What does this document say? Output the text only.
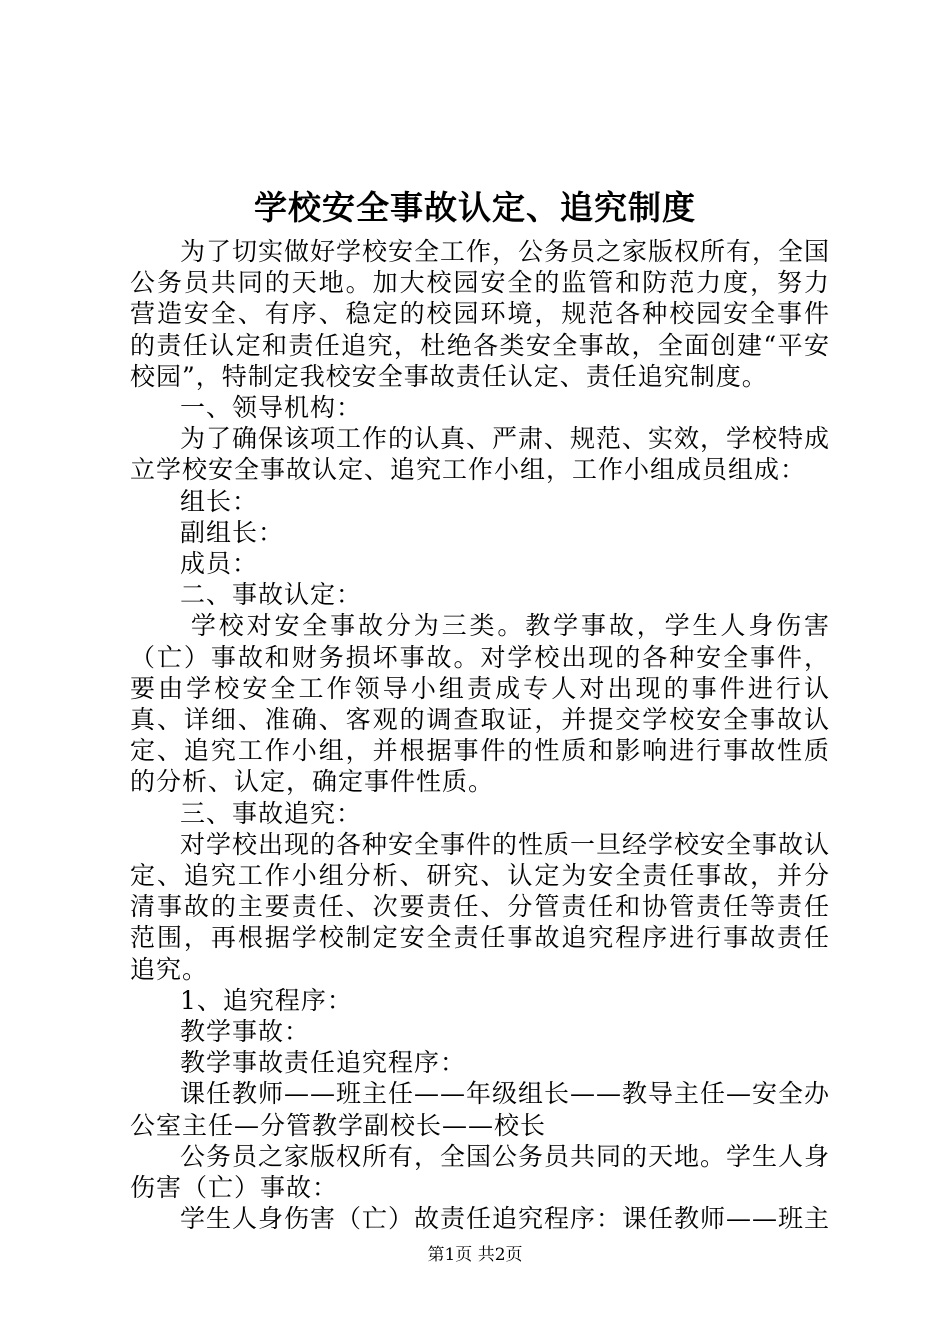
学校安全事故认定、追究制度

为了切实做好学校安全工作，公务员之家版权所有，全国公务员共同的天地。加大校园安全的监管和防范力度，努力营造安全、有序、稳定的校园环境，规范各种校园安全事件的责任认定和责任追究，杜绝各类安全事故，全面创建“平安校园”，特制定我校安全事故责任认定、责任追究制度。

一、领导机构：

为了确保该项工作的认真、严肃、规范、实效，学校特成立学校安全事故认定、追究工作小组，工作小组成员组成：

组长：

副组长：

成员：

二、事故认定：

学校对安全事故分为三类。教学事故，学生人身伤害（亡）事故和财务损坏事故。对学校出现的各种安全事件，要由学校安全工作领导小组责成专人对出现的事件进行认真、详细、准确、客观的调查取证，并提交学校安全事故认定、追究工作小组，并根据事件的性质和影响进行事故性质的分析、认定，确定事件性质。

三、事故追究：

对学校出现的各种安全事件的性质一旦经学校安全事故认定、追究工作小组分析、研究、认定为安全责任事故，并分清事故的主要责任、次要责任、分管责任和协管责任等责任范围，再根据学校制定安全责任事故追究程序进行事故责任追究。

1、追究程序：

教学事故：

教学事故责任追究程序：

课任教师——班主任——年级组长——教导主任—安全办公室主任—分管教学副校长——校长

公务员之家版权所有，全国公务员共同的天地。学生人身伤害（亡）事故：

学生人身伤害（亡）故责任追究程序：课任教师——班主

第1页 共2页
